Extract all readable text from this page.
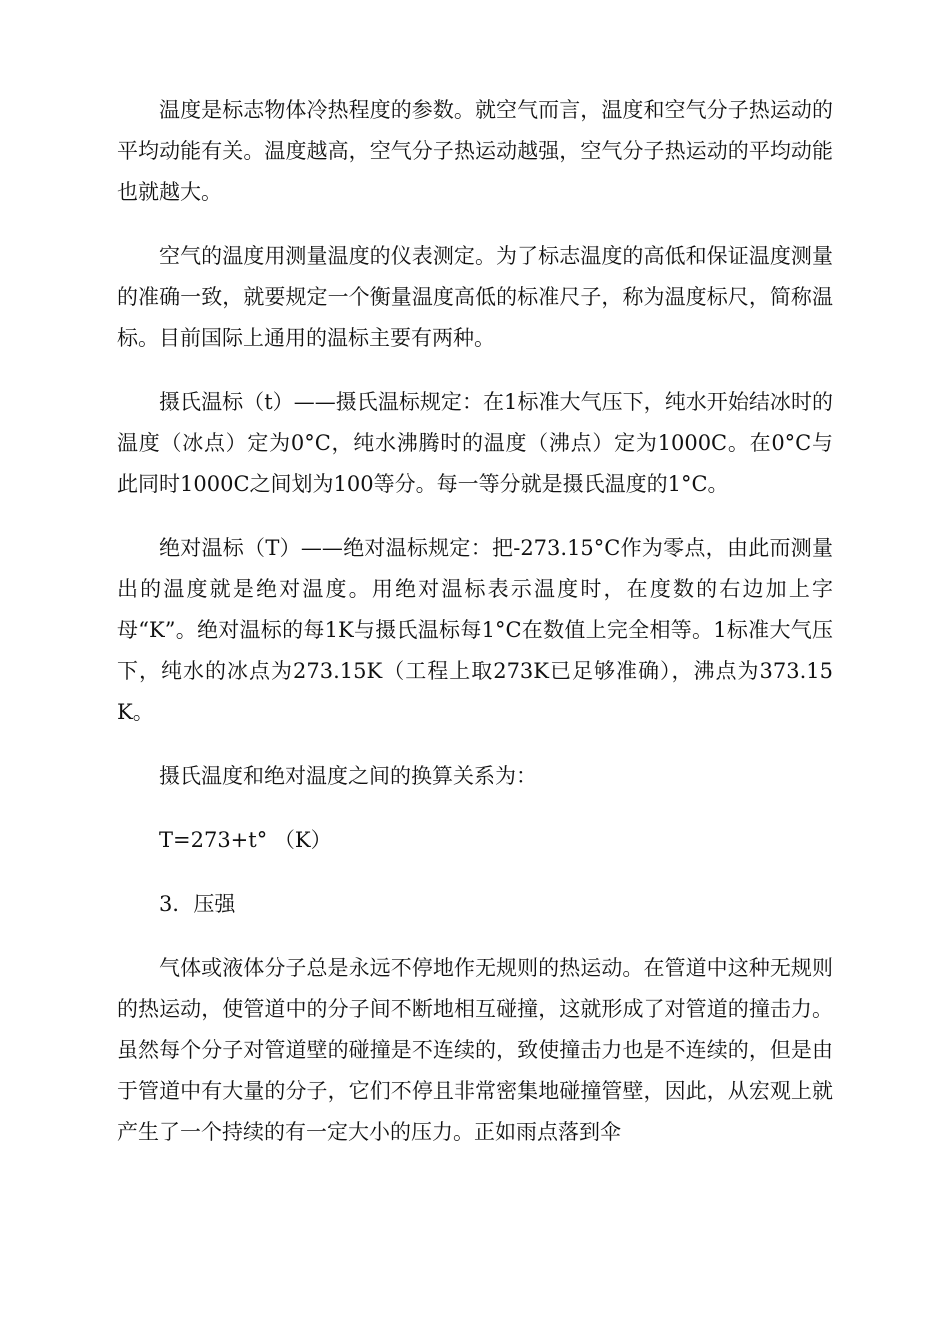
温度是标志物体冷热程度的参数。就空气而言，温度和空气分子热运动的平均动能有关。温度越高，空气分子热运动越强，空气分子热运动的平均动能也就越大。

空气的温度用测量温度的仪表测定。为了标志温度的高低和保证温度测量的准确一致，就要规定一个衡量温度高低的标准尺子，称为温度标尺，简称温标。目前国际上通用的温标主要有两种。

摄氏温标（t）——摄氏温标规定：在1标准大气压下，纯水开始结冰时的温度（冰点）定为0°C，纯水沸腾时的温度（沸点）定为1000C。在0°C与此同时1000C之间划为100等分。每一等分就是摄氏温度的1°C。

绝对温标（T）——绝对温标规定：把-273.15°C作为零点，由此而测量出的温度就是绝对温度。用绝对温标表示温度时，在度数的右边加上字母“K”。绝对温标的每1K与摄氏温标每1°C在数值上完全相等。1标准大气压下，纯水的冰点为273.15K（工程上取273K已足够准确），沸点为373.15K。

摄氏温度和绝对温度之间的换算关系为：

T=273+t° （K）

3．压强

气体或液体分子总是永远不停地作无规则的热运动。在管道中这种无规则的热运动，使管道中的分子间不断地相互碰撞，这就形成了对管道的撞击力。虽然每个分子对管道壁的碰撞是不连续的，致使撞击力也是不连续的，但是由于管道中有大量的分子，它们不停且非常密集地碰撞管壁，因此，从宏观上就产生了一个持续的有一定大小的压力。正如雨点落到伞
